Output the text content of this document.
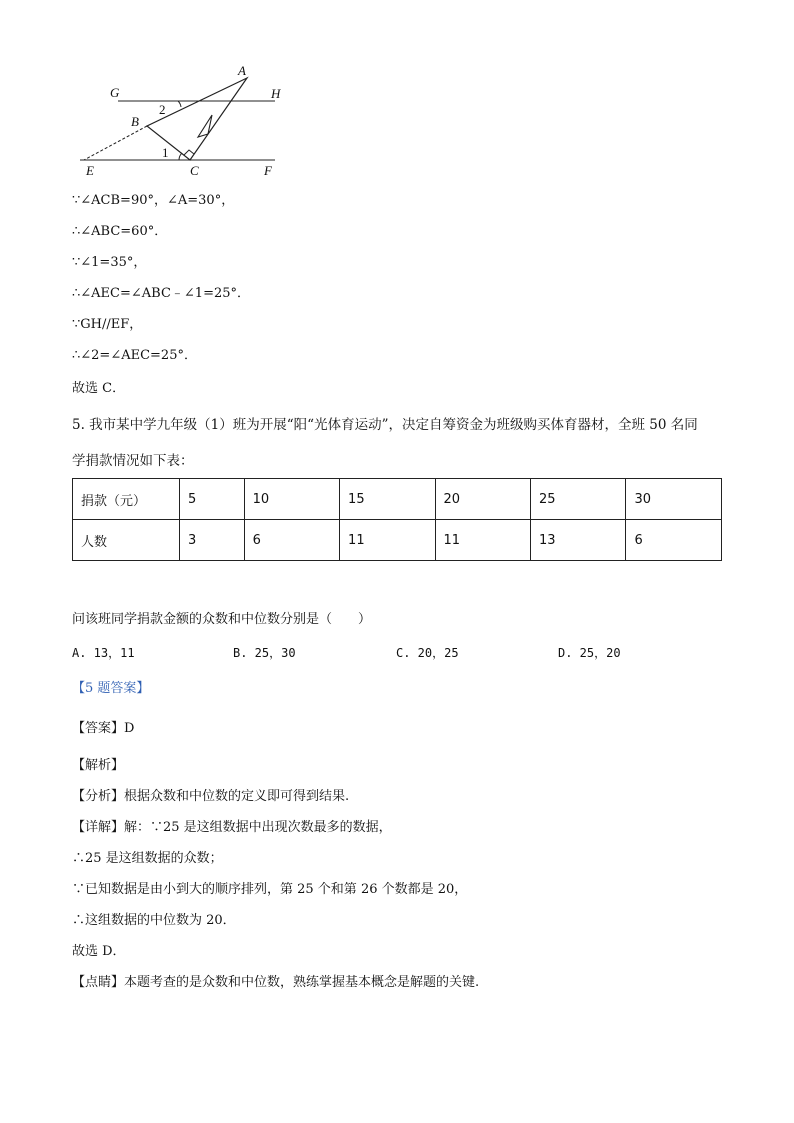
A
G	H
B
2
1
E	C	F
∵∠ACB=90°，∠A=30°，
∴∠ABC=60°．
∵∠1=35°，
∴∠AEC=∠ABC﹣∠1=25°．
∵GH//EF，
∴∠2=∠AEC=25°．
故选 C．
5. 我市某中学九年级（1）班为开展“阳“光体育运动”，决定自筹资金为班级购买体育器材，全班 50 名同
学捐款情况如下表：
捐款（元）	5	10	15	20	25	30
人数	3	6	11	11	13	6
问该班同学捐款金额的众数和中位数分别是（　　）
A. 13，11	B. 25，30	C. 20，25	D. 25，20
【5 题答案】
【答案】D
【解析】
【分析】根据众数和中位数的定义即可得到结果.
【详解】解：∵25 是这组数据中出现次数最多的数据，
∴25 是这组数据的众数；
∵已知数据是由小到大的顺序排列，第 25 个和第 26 个数都是 20，
∴这组数据的中位数为 20．
故选 D．
【点睛】本题考查的是众数和中位数，熟练掌握基本概念是解题的关键.
